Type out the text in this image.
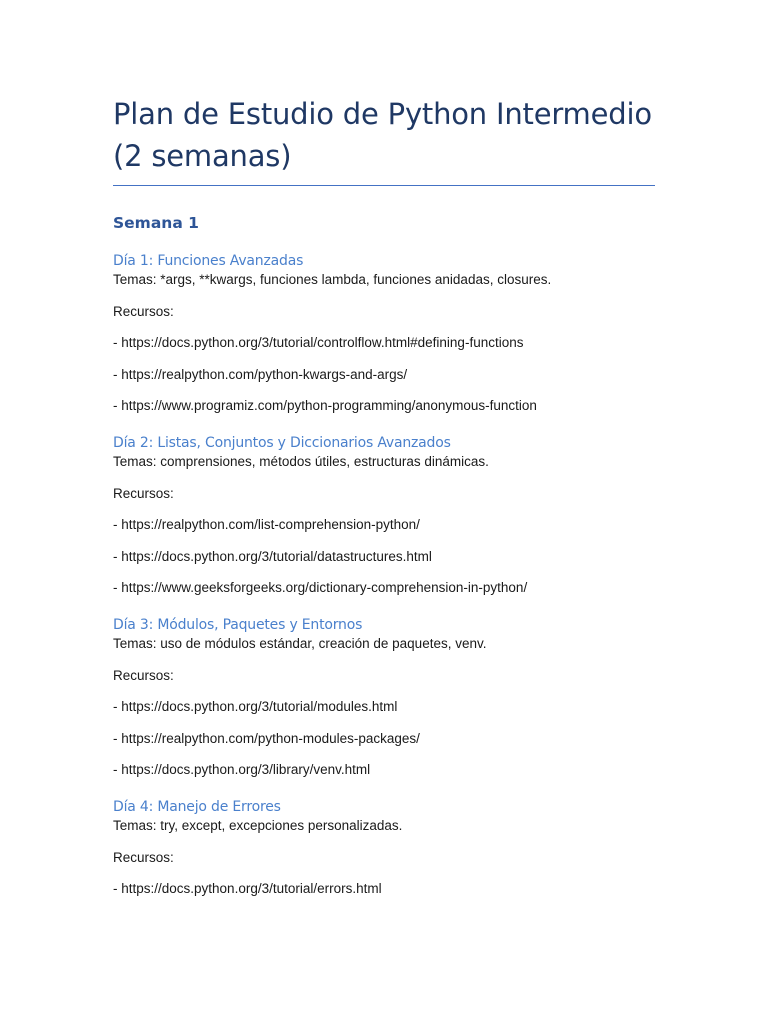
Plan de Estudio de Python Intermedio
(2 semanas)
Semana 1
Día 1: Funciones Avanzadas

Temas: *args, **kwargs, funciones lambda, funciones anidadas, closures.

Recursos:

- https://docs.python.org/3/tutorial/controlflow.html#defining-functions

- https://realpython.com/python-kwargs-and-args/

- https://www.programiz.com/python-programming/anonymous-function

Día 2: Listas, Conjuntos y Diccionarios Avanzados

Temas: comprensiones, métodos útiles, estructuras dinámicas.

Recursos:

- https://realpython.com/list-comprehension-python/

- https://docs.python.org/3/tutorial/datastructures.html

- https://www.geeksforgeeks.org/dictionary-comprehension-in-python/

Día 3: Módulos, Paquetes y Entornos

Temas: uso de módulos estándar, creación de paquetes, venv.

Recursos:

- https://docs.python.org/3/tutorial/modules.html

- https://realpython.com/python-modules-packages/

- https://docs.python.org/3/library/venv.html

Día 4: Manejo de Errores

Temas: try, except, excepciones personalizadas.

Recursos:

- https://docs.python.org/3/tutorial/errors.html
